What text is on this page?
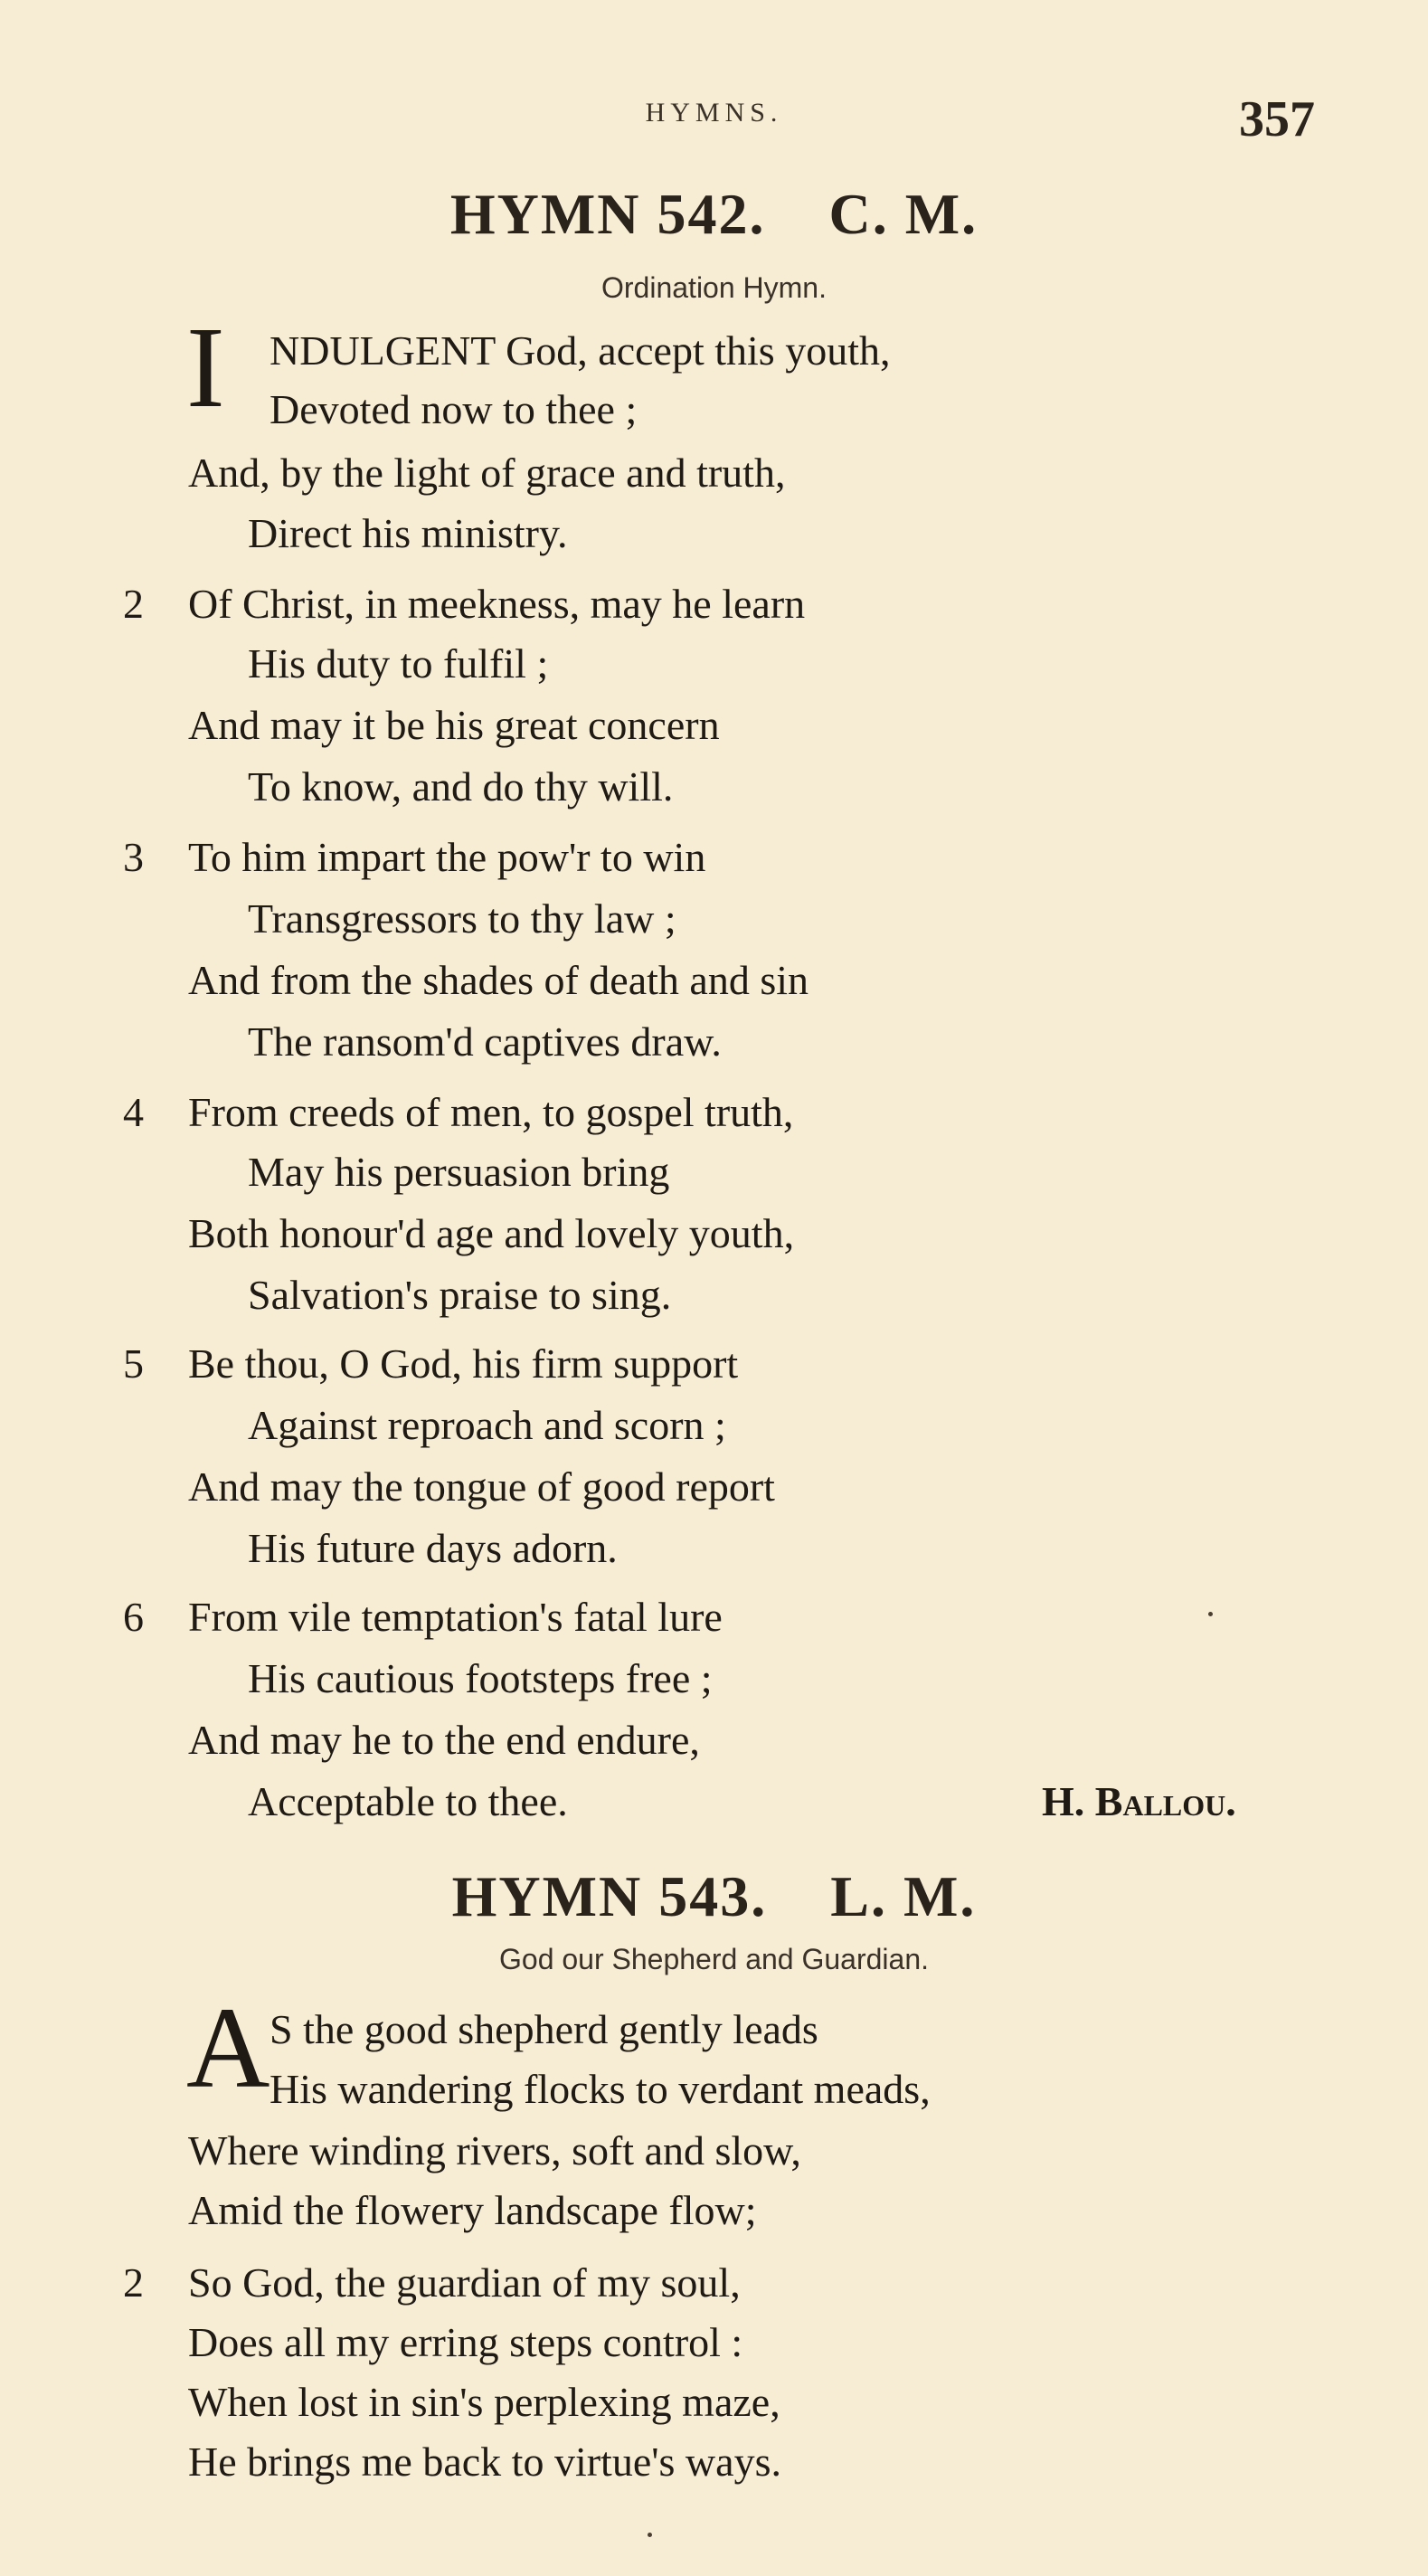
HYMNS.	357
HYMN 542. C. M.
Ordination Hymn.
I NDULGENT God, accept this youth,
Devoted now to thee ;
And, by the light of grace and truth,
Direct his ministry.
2 Of Christ, in meekness, may he learn
His duty to fulfil ;
And may it be his great concern
To know, and do thy will.
3 To him impart the pow'r to win
Transgressors to thy law ;
And from the shades of death and sin
The ransom'd captives draw.
4 From creeds of men, to gospel truth,
May his persuasion bring
Both honour'd age and lovely youth,
Salvation's praise to sing.
5 Be thou, O God, his firm support
Against reproach and scorn ;
And may the tongue of good report
His future days adorn.
6 From vile temptation's fatal lure
His cautious footsteps free ;
And may he to the end endure,
Acceptable to thee.	H. Ballou.
HYMN 543. L. M.
God our Shepherd and Guardian.
A S the good shepherd gently leads
His wandering flocks to verdant meads,
Where winding rivers, soft and slow,
Amid the flowery landscape flow;
2 So God, the guardian of my soul,
Does all my erring steps control :
When lost in sin's perplexing maze,
He brings me back to virtue's ways.
